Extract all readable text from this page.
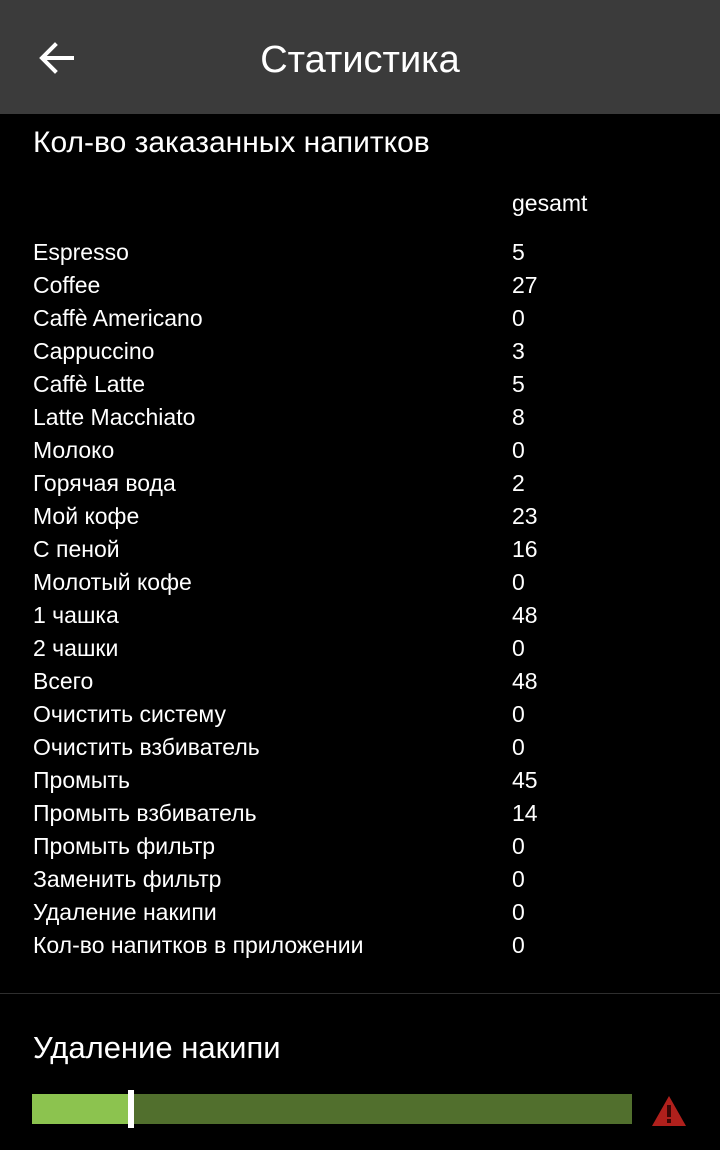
Статистика
Кол-во заказанных напитков
gesamt
Espresso	5
Coffee	27
Caffè Americano	0
Cappuccino	3
Caffè Latte	5
Latte Macchiato	8
Молоко	0
Горячая вода	2
Мой кофе	23
С пеной	16
Молотый кофе	0
1 чашка	48
2 чашки	0
Всего	48
Очистить систему	0
Очистить взбиватель	0
Промыть	45
Промыть взбиватель	14
Промыть фильтр	0
Заменить фильтр	0
Удаление накипи	0
Кол-во напитков в приложении	0
Удаление накипи
